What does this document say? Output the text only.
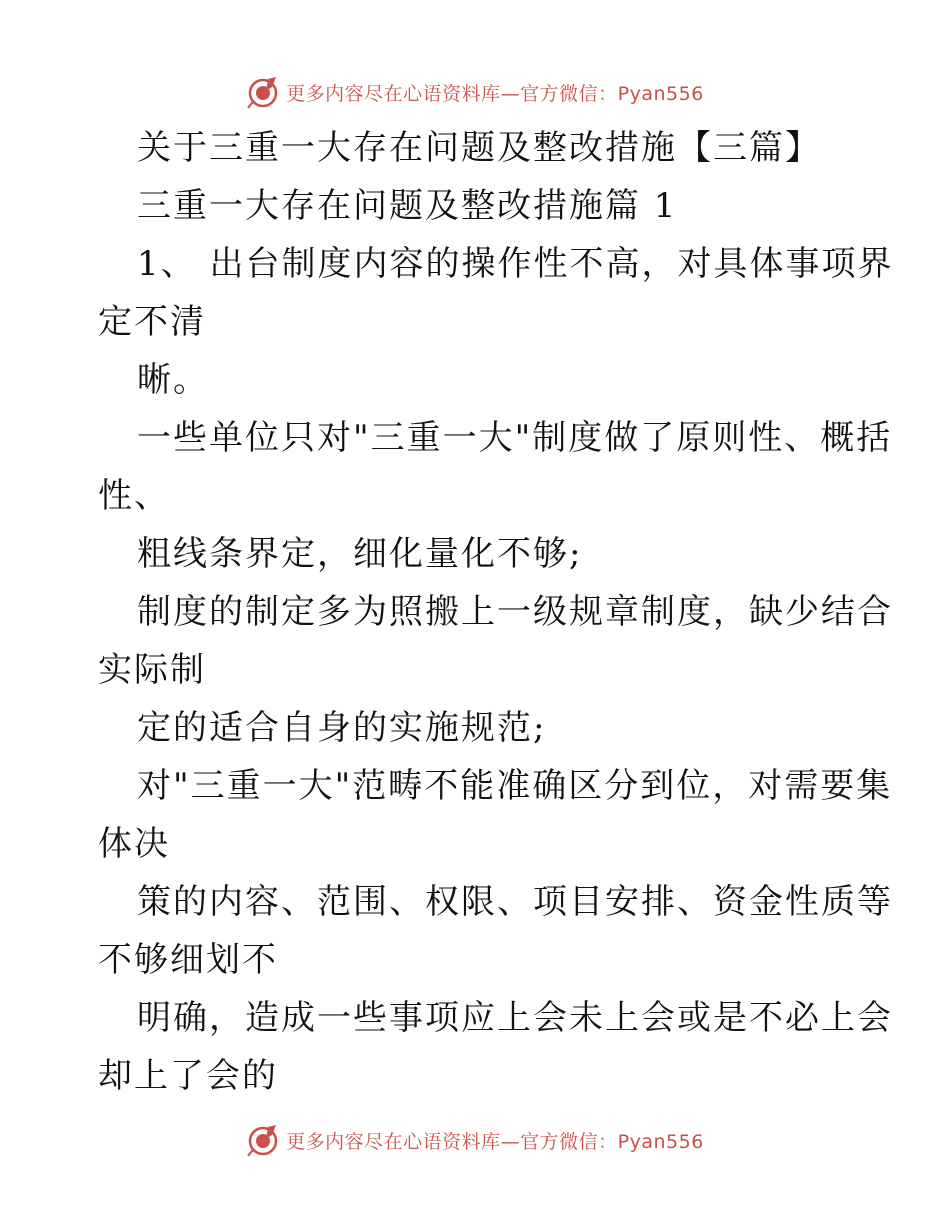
更多内容尽在心语资料库—官方微信：Pyan556
关于三重一大存在问题及整改措施【三篇】
三重一大存在问题及整改措施篇 1
1、 出台制度内容的操作性不高，对具体事项界
定不清
晰。
一些单位只对"三重一大"制度做了原则性、概括
性、
粗线条界定，细化量化不够;
制度的制定多为照搬上一级规章制度，缺少结合
实际制
定的适合自身的实施规范;
对"三重一大"范畴不能准确区分到位，对需要集
体决
策的内容、范围、权限、项目安排、资金性质等
不够细划不
明确，造成一些事项应上会未上会或是不必上会
却上了会的
更多内容尽在心语资料库—官方微信：Pyan556
